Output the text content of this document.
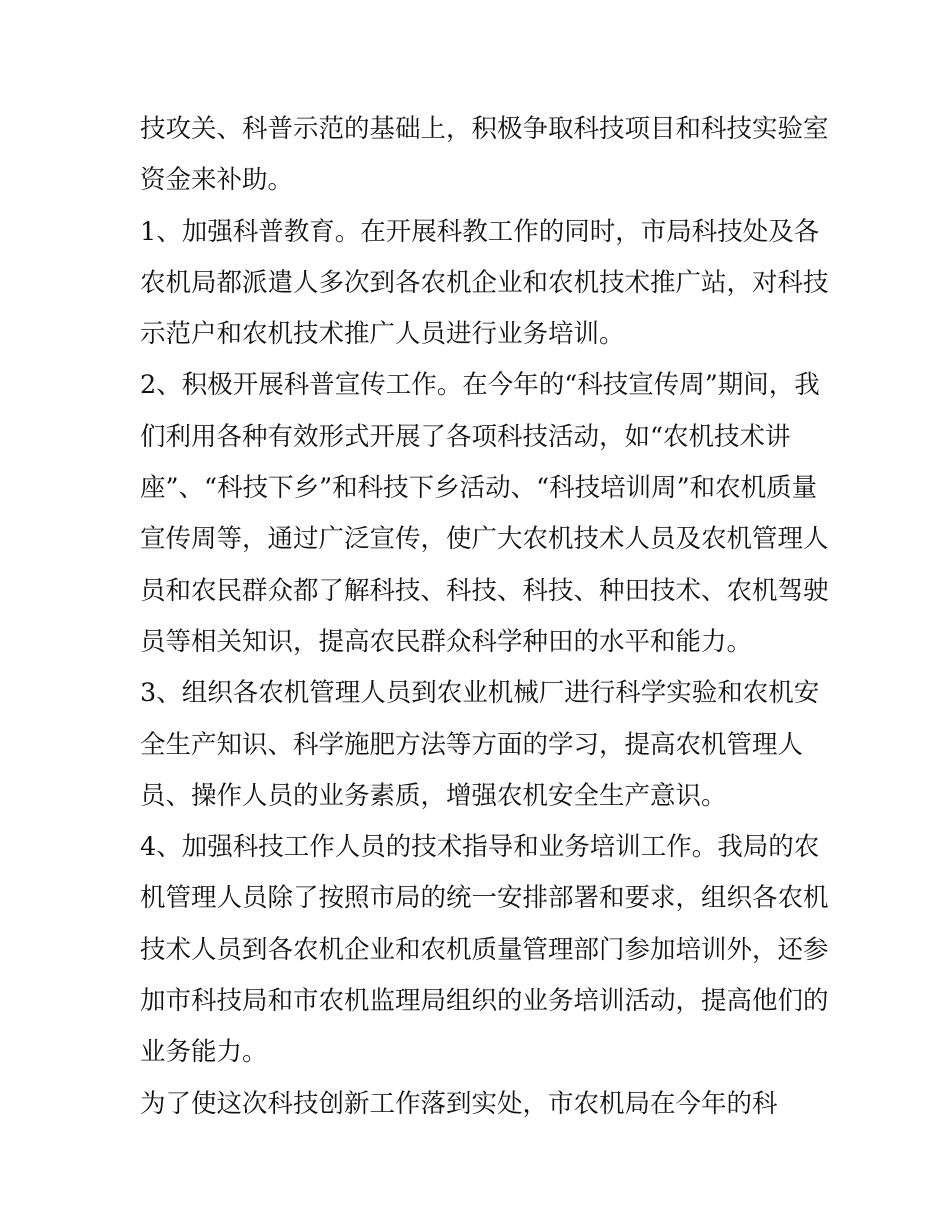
技攻关、科普示范的基础上，积极争取科技项目和科技实验室
资金来补助。
1、加强科普教育。在开展科教工作的同时，市局科技处及各
农机局都派遣人多次到各农机企业和农机技术推广站，对科技
示范户和农机技术推广人员进行业务培训。
2、积极开展科普宣传工作。在今年的“科技宣传周”期间，我
们利用各种有效形式开展了各项科技活动，如“农机技术讲
座”、“科技下乡”和科技下乡活动、“科技培训周”和农机质量
宣传周等，通过广泛宣传，使广大农机技术人员及农机管理人
员和农民群众都了解科技、科技、科技、种田技术、农机驾驶
员等相关知识，提高农民群众科学种田的水平和能力。
3、组织各农机管理人员到农业机械厂进行科学实验和农机安
全生产知识、科学施肥方法等方面的学习，提高农机管理人
员、操作人员的业务素质，增强农机安全生产意识。
4、加强科技工作人员的技术指导和业务培训工作。我局的农
机管理人员除了按照市局的统一安排部署和要求，组织各农机
技术人员到各农机企业和农机质量管理部门参加培训外，还参
加市科技局和市农机监理局组织的业务培训活动，提高他们的
业务能力。
为了使这次科技创新工作落到实处，市农机局在今年的科
